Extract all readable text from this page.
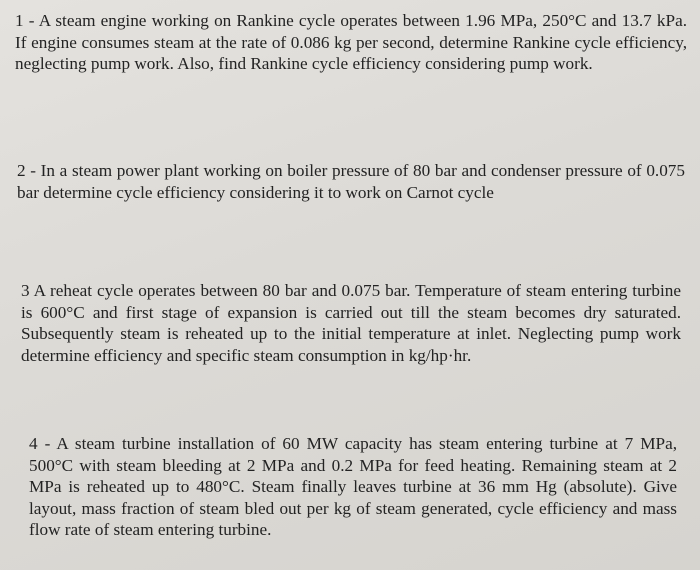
1 - A steam engine working on Rankine cycle operates between 1.96 MPa, 250°C and 13.7 kPa. If engine consumes steam at the rate of 0.086 kg per second, determine Rankine cycle efficiency, neglecting pump work. Also, find Rankine cycle efficiency considering pump work.

2 - In a steam power plant working on boiler pressure of 80 bar and condenser pressure of 0.075 bar determine cycle efficiency considering it to work on Carnot cycle

3 A reheat cycle operates between 80 bar and 0.075 bar. Temperature of steam entering turbine is 600°C and first stage of expansion is carried out till the steam becomes dry saturated. Subsequently steam is reheated up to the initial temperature at inlet. Neglecting pump work determine efficiency and specific steam consumption in kg/hp·hr.

4 - A steam turbine installation of 60 MW capacity has steam entering turbine at 7 MPa, 500°C with steam bleeding at 2 MPa and 0.2 MPa for feed heating. Remaining steam at 2 MPa is reheated up to 480°C. Steam finally leaves turbine at 36 mm Hg (absolute). Give layout, mass fraction of steam bled out per kg of steam generated, cycle efficiency and mass flow rate of steam entering turbine.
